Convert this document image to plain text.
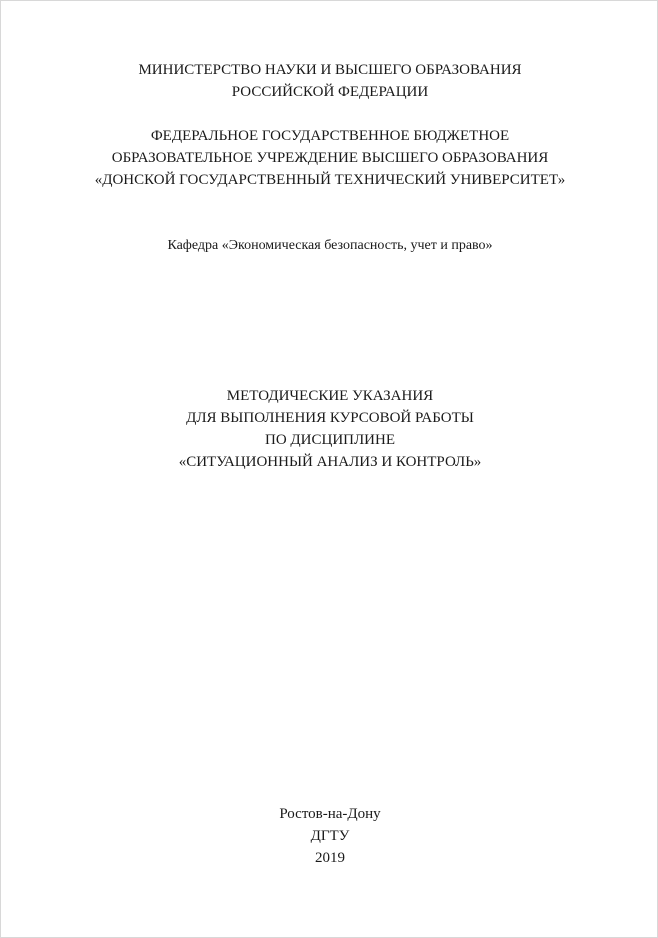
МИНИСТЕРСТВО НАУКИ И ВЫСШЕГО ОБРАЗОВАНИЯ
РОССИЙСКОЙ ФЕДЕРАЦИИ
ФЕДЕРАЛЬНОЕ ГОСУДАРСТВЕННОЕ БЮДЖЕТНОЕ
ОБРАЗОВАТЕЛЬНОЕ УЧРЕЖДЕНИЕ ВЫСШЕГО ОБРАЗОВАНИЯ
«ДОНСКОЙ ГОСУДАРСТВЕННЫЙ ТЕХНИЧЕСКИЙ УНИВЕРСИТЕТ»
Кафедра «Экономическая безопасность, учет и право»
МЕТОДИЧЕСКИЕ УКАЗАНИЯ
ДЛЯ ВЫПОЛНЕНИЯ КУРСОВОЙ РАБОТЫ
ПО ДИСЦИПЛИНЕ
«СИТУАЦИОННЫЙ АНАЛИЗ И КОНТРОЛЬ»
Ростов-на-Дону
ДГТУ
2019
